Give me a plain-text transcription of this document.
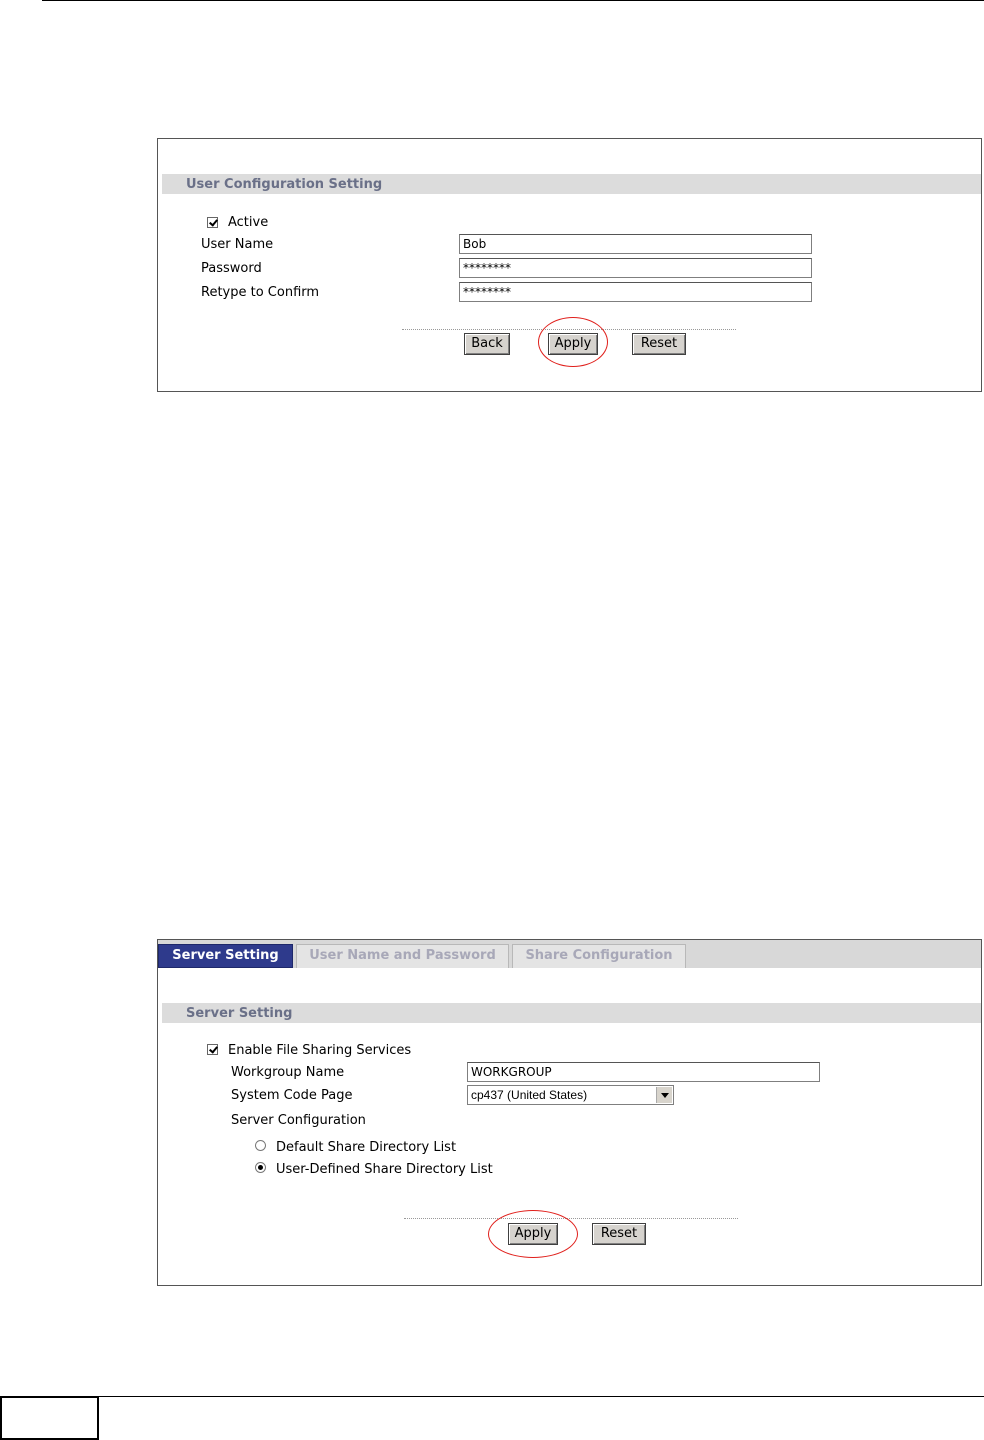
User Configuration Setting
Active
User Name	Bob
Password	********
Retype to Confirm	********
Back	Apply	Reset
Server Setting	User Name and Password	Share Configuration
Server Setting
Enable File Sharing Services
Workgroup Name	WORKGROUP
System Code Page	cp437 (United States)
Server Configuration
Default Share Directory List
User-Defined Share Directory List
Apply	Reset
